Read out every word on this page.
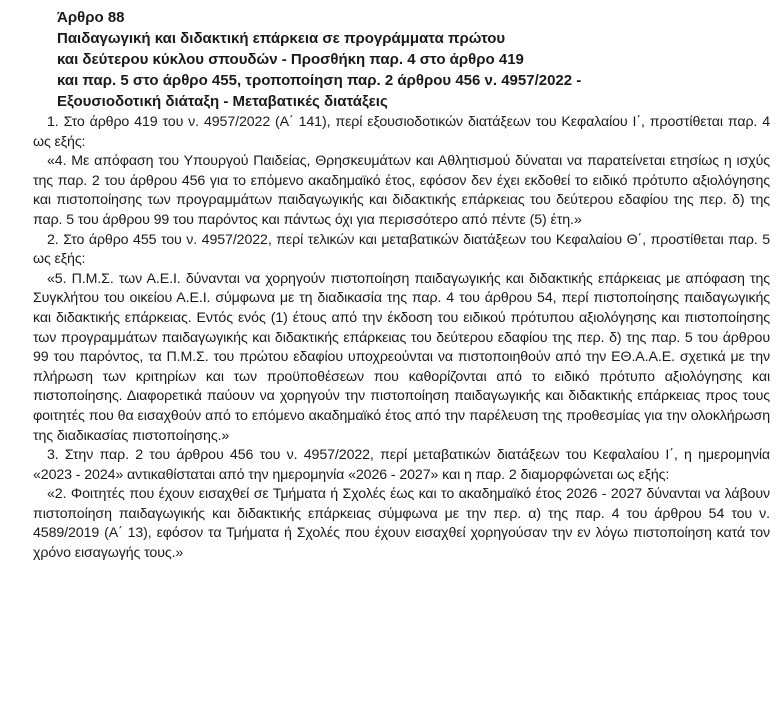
Άρθρο 88

Παιδαγωγική και διδακτική επάρκεια σε προγράμματα πρώτου

και δεύτερου κύκλου σπουδών - Προσθήκη παρ. 4 στο άρθρο 419

και παρ. 5 στο άρθρο 455, τροποποίηση παρ. 2 άρθρου 456 ν. 4957/2022 -

Εξουσιοδοτική διάταξη - Μεταβατικές διατάξεις

1. Στο άρθρο 419 του ν. 4957/2022 (Α΄ 141), περί εξουσιοδοτικών διατάξεων του Κεφαλαίου Ι΄, προστίθεται παρ. 4 ως εξής:

«4. Με απόφαση του Υπουργού Παιδείας, Θρησκευμάτων και Αθλητισμού δύναται να παρατείνεται ετησίως η ισχύς της παρ. 2 του άρθρου 456 για το επόμενο ακαδημαϊκό έτος, εφόσον δεν έχει εκδοθεί το ειδικό πρότυπο αξιολόγησης και πιστοποίησης των προγραμμάτων παιδαγωγικής και διδακτικής επάρκειας του δεύτερου εδαφίου της περ. δ) της παρ. 5 του άρθρου 99 του παρόντος και πάντως όχι για περισσότερο από πέντε (5) έτη.»

2. Στο άρθρο 455 του ν. 4957/2022, περί τελικών και μεταβατικών διατάξεων του Κεφαλαίου Θ΄, προστίθεται παρ. 5 ως εξής:

«5. Π.Μ.Σ. των Α.Ε.Ι. δύνανται να χορηγούν πιστοποίηση παιδαγωγικής και διδακτικής επάρκειας με απόφαση της Συγκλήτου του οικείου Α.Ε.Ι. σύμφωνα με τη διαδικασία της παρ. 4 του άρθρου 54, περί πιστοποίησης παιδαγωγικής και διδακτικής επάρκειας. Εντός ενός (1) έτους από την έκδοση του ειδικού πρότυπου αξιολόγησης και πιστοποίησης των προγραμμάτων παιδαγωγικής και διδακτικής επάρκειας του δεύτερου εδαφίου της περ. δ) της παρ. 5 του άρθρου 99 του παρόντος, τα Π.Μ.Σ. του πρώτου εδαφίου υποχρεούνται να πιστοποιηθούν από την ΕΘ.Α.Α.Ε. σχετικά με την πλήρωση των κριτηρίων και των προϋποθέσεων που καθορίζονται από το ειδικό πρότυπο αξιολόγησης και πιστοποίησης. Διαφορετικά παύουν να χορηγούν την πιστοποίηση παιδαγωγικής και διδακτικής επάρκειας προς τους φοιτητές που θα εισαχθούν από το επόμενο ακαδημαϊκό έτος από την παρέλευση της προθεσμίας για την ολοκλήρωση της διαδικασίας πιστοποίησης.»

3. Στην παρ. 2 του άρθρου 456 του ν. 4957/2022, περί μεταβατικών διατάξεων του Κεφαλαίου Ι΄, η ημερομηνία «2023 - 2024» αντικαθίσταται από την ημερομηνία «2026 - 2027» και η παρ. 2 διαμορφώνεται ως εξής:

«2. Φοιτητές που έχουν εισαχθεί σε Τμήματα ή Σχολές έως και το ακαδημαϊκό έτος 2026 - 2027 δύνανται να λάβουν πιστοποίηση παιδαγωγικής και διδακτικής επάρκειας σύμφωνα με την περ. α) της παρ. 4 του άρθρου 54 του ν. 4589/2019 (Α΄ 13), εφόσον τα Τμήματα ή Σχολές που έχουν εισαχθεί χορηγούσαν την εν λόγω πιστοποίηση κατά τον χρόνο εισαγωγής τους.»
